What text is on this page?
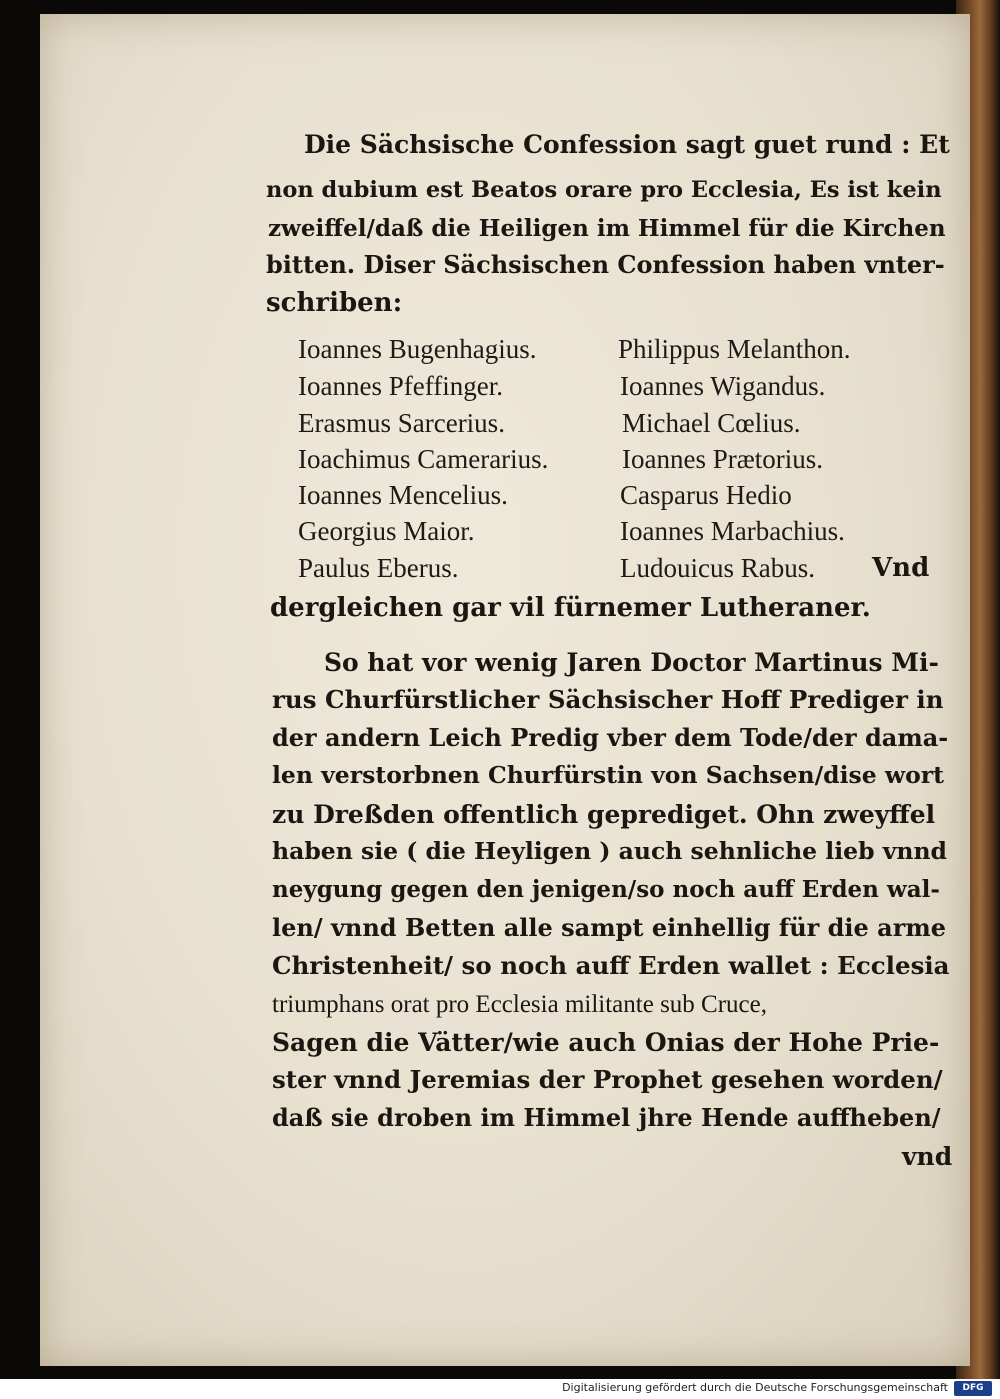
Die Sächsische Confession sagt guet rund : Et
non dubium est Beatos orare pro Ecclesia, Es ist kein
zweiffel/daß die Heiligen im Himmel für die Kirchen
bitten. Diser Sächsischen Confession haben vnter-
schriben:
Ioannes Bugenhagius.
Ioannes Pfeffinger.
Erasmus Sarcerius.
Ioachimus Camerarius.
Ioannes Mencelius.
Georgius Maior.
Paulus Eberus.
Philippus Melanthon.
Ioannes Wigandus.
Michael Cœlius.
Ioannes Prætorius.
Casparus Hedio
Ioannes Marbachius.
Ludouicus Rabus. Vnd
dergleichen gar vil fürnemer Lutheraner.
So hat vor wenig Jaren Doctor Martinus Mi-
rus Churfürstlicher Sächsischer Hoff Prediger in
der andern Leich Predig vber dem Tode/der dama-
len verstorbnen Churfürstin von Sachsen/dise wort
zu Dreßden offentlich geprediget. Ohn zweyffel
haben sie ( die Heyligen ) auch sehnliche lieb vnnd
neygung gegen den jenigen/so noch auff Erden wal-
len/ vnnd Betten alle sampt einhellig für die arme
Christenheit/ so noch auff Erden wallet : Ecclesia
triumphans orat pro Ecclesia militante sub Cruce,
Sagen die Vätter/wie auch Onias der Hohe Prie-
ster vnnd Jeremias der Prophet gesehen worden/
daß sie droben im Himmel jhre Hende auffheben/
vnd
Digitalisierung gefördert durch die Deutsche Forschungsgemeinschaft	DFG
